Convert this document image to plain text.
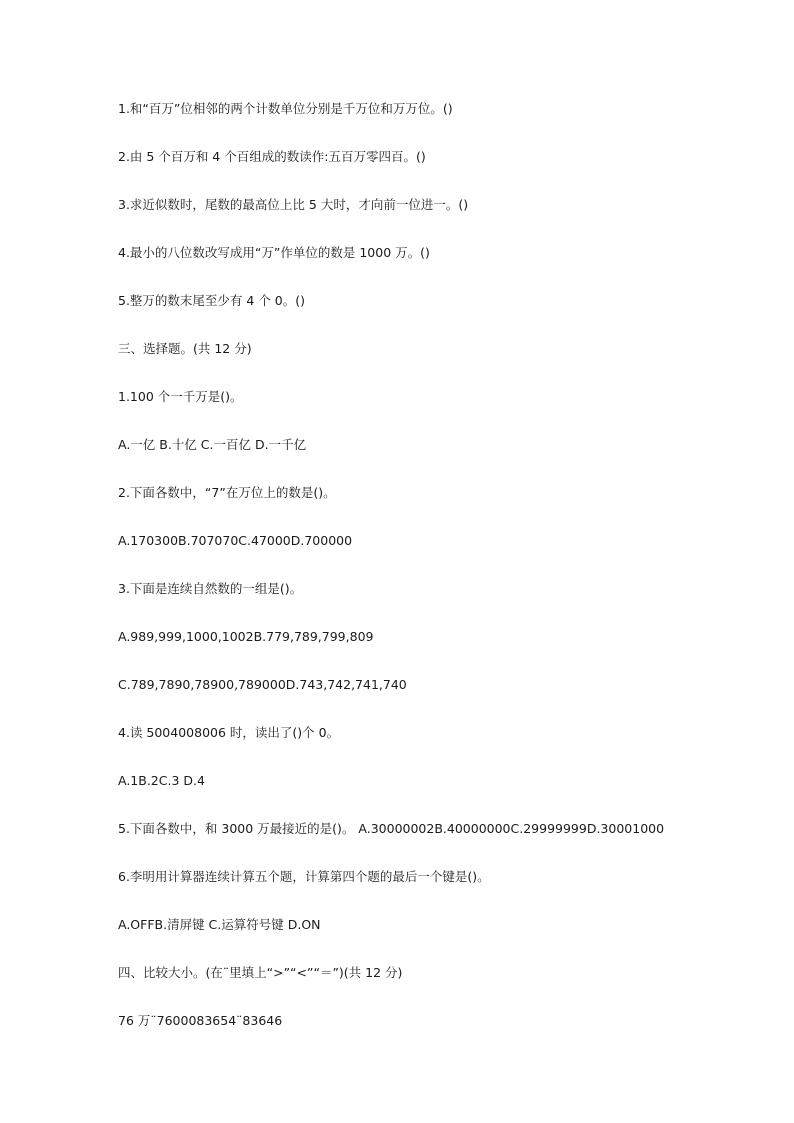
1.和“百万”位相邻的两个计数单位分别是千万位和万万位。()
2.由 5 个百万和 4 个百组成的数读作:五百万零四百。()
3.求近似数时，尾数的最高位上比 5 大时，才向前一位进一。()
4.最小的八位数改写成用“万”作单位的数是 1000 万。()
5.整万的数末尾至少有 4 个 0。()
三、选择题。(共 12 分)
1.100 个一千万是()。
A.一亿 B.十亿 C.一百亿 D.一千亿
2.下面各数中，“7”在万位上的数是()。
A.170300B.707070C.47000D.700000
3.下面是连续自然数的一组是()。
A.989,999,1000,1002B.779,789,799,809
C.789,7890,78900,789000D.743,742,741,740
4.读 5004008006 时，读出了()个 0。
A.1B.2C.3 D.4
5.下面各数中，和 3000 万最接近的是()。 A.30000002B.40000000C.29999999D.30001000
6.李明用计算器连续计算五个题，计算第四个题的最后一个键是()。
A.OFFB.清屏键 C.运算符号键 D.ON
四、比较大小。(在¨里填上“>”“<”“＝”)(共 12 分)
76 万¨7600083654¨83646
